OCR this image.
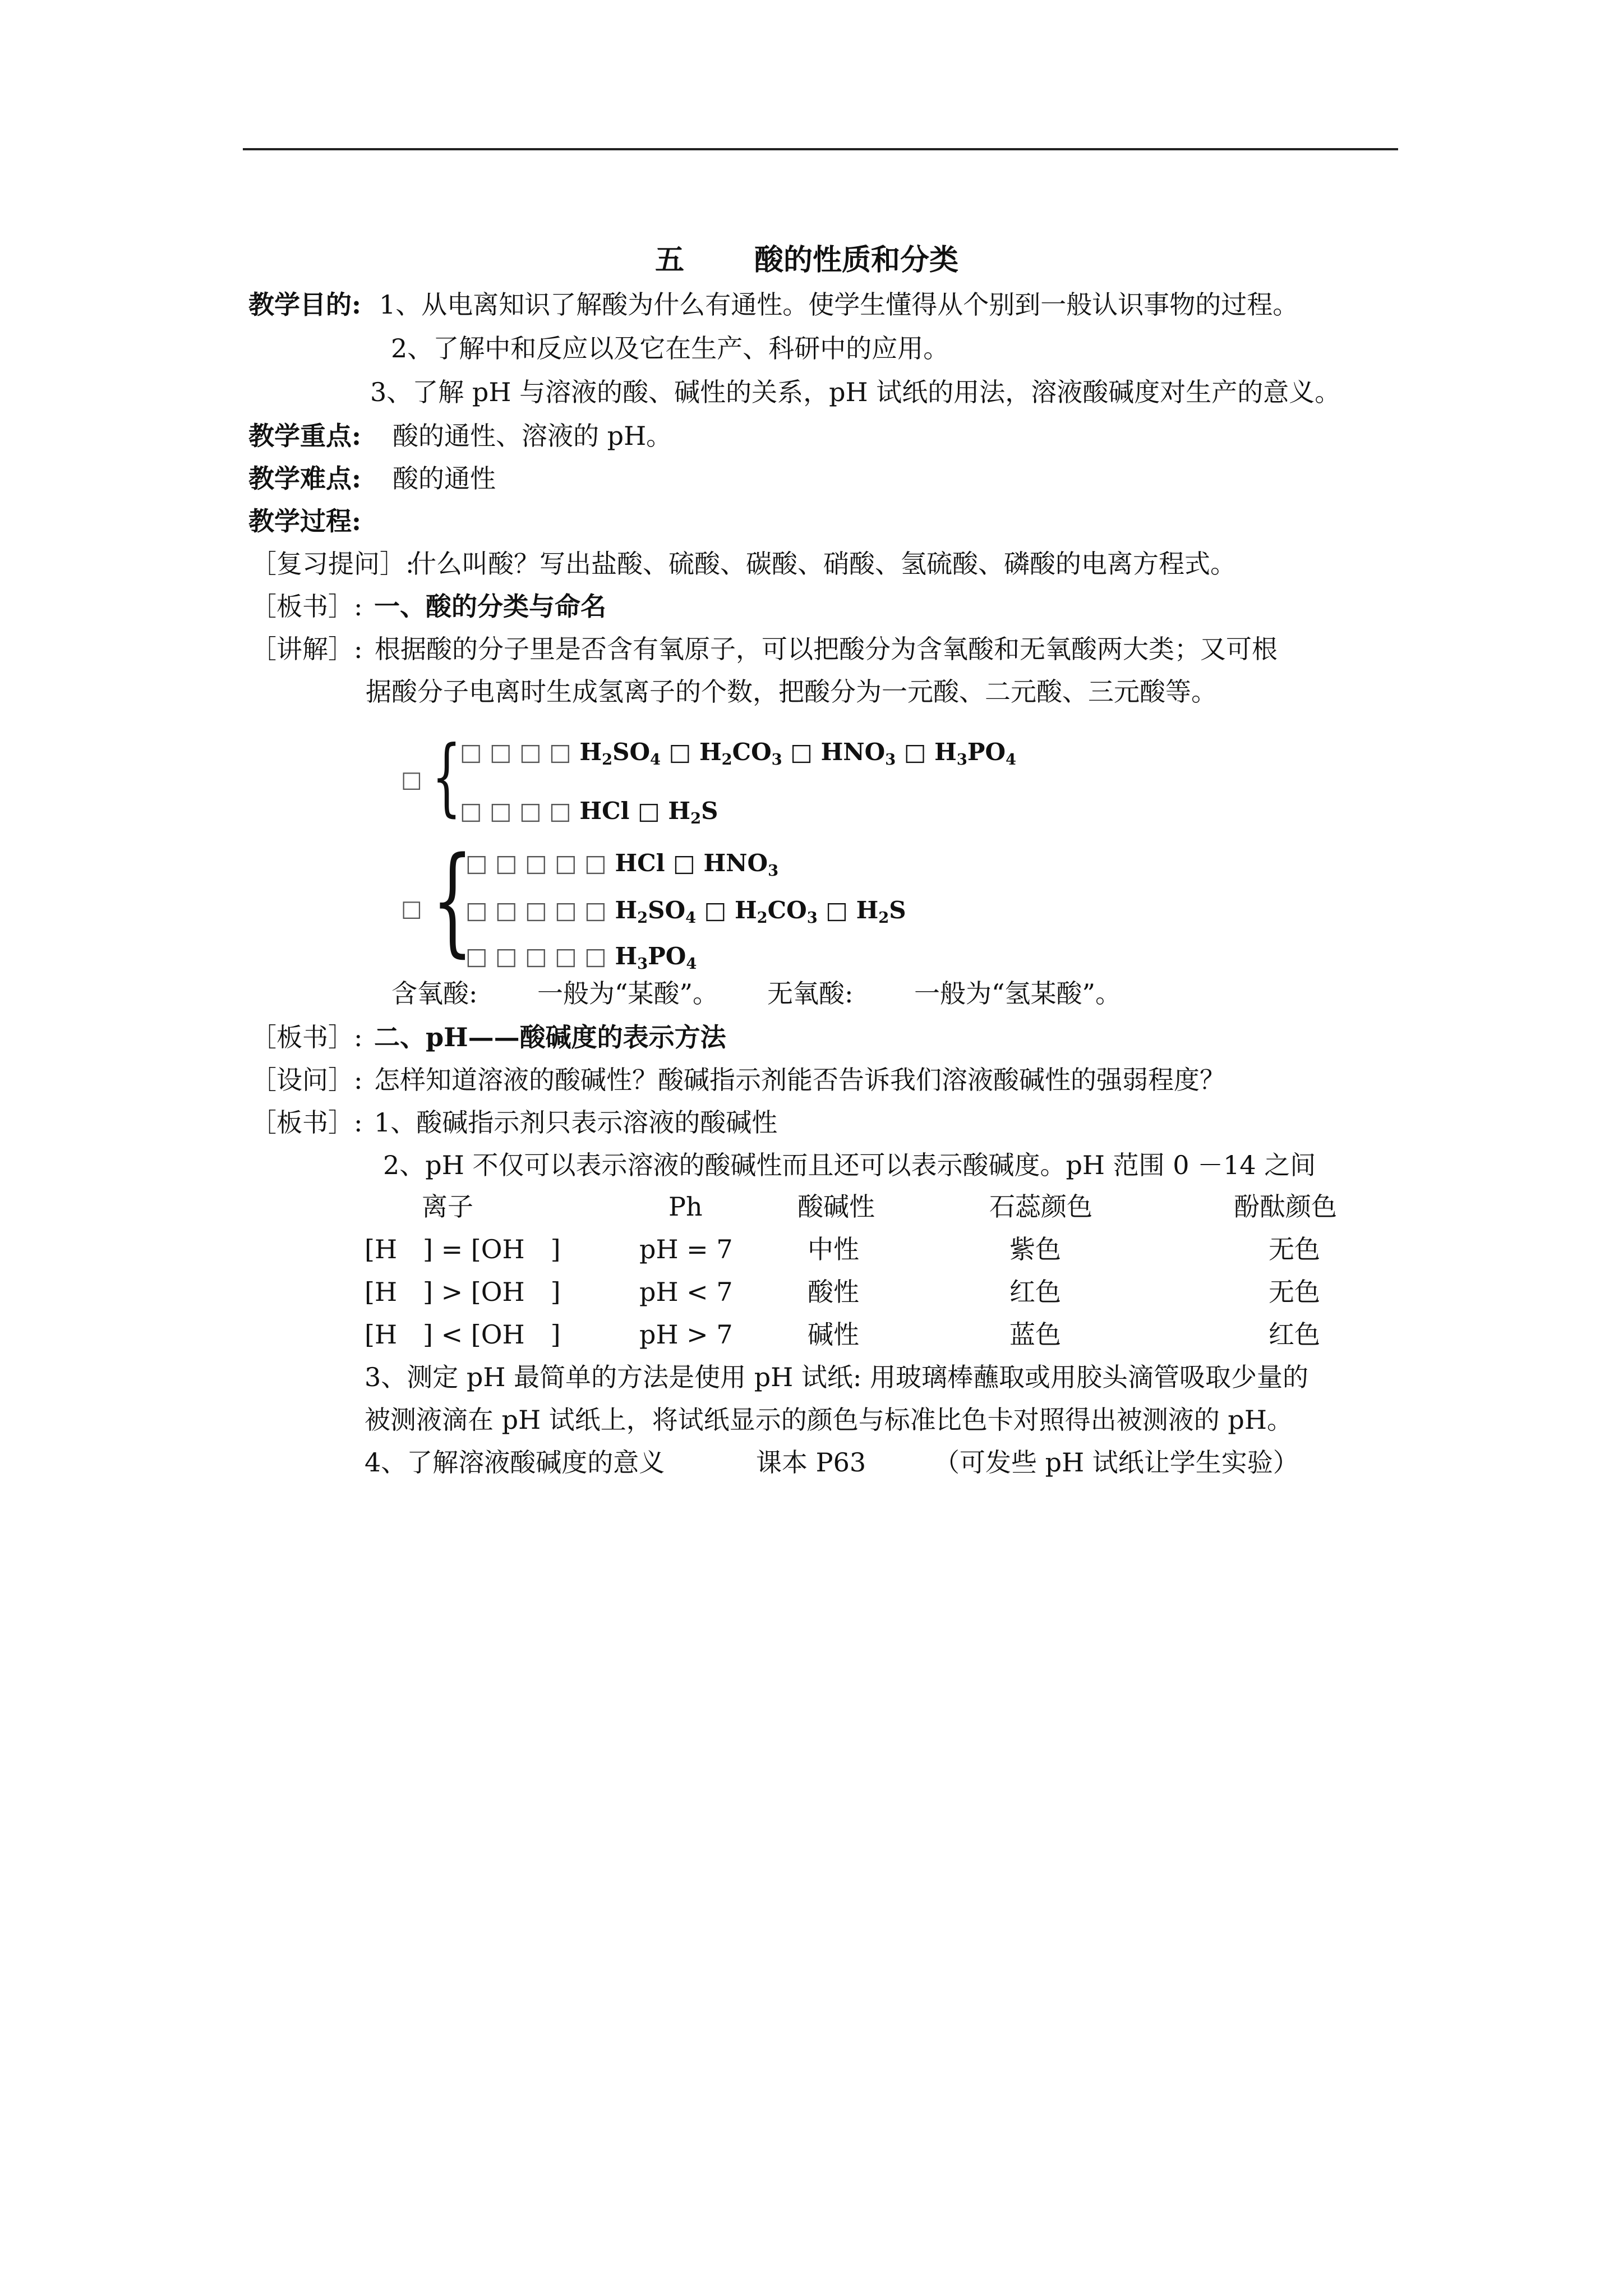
五 酸的性质和分类
教学目的: 1、从电离知识了解酸为什么有通性。使学生懂得从个别到一般认识事物的过程。
2、了解中和反应以及它在生产、科研中的应用。
3、了解 pH 与溶液的酸、碱性的关系，pH 试纸的用法，溶液酸碱度对生产的意义。
教学重点: 酸的通性、溶液的 pH。
教学难点: 酸的通性
教学过程:
［复习提问］:
什么叫酸？写出盐酸、硫酸、碳酸、硝酸、氢硫酸、磷酸的电离方程式。
［板书］: 一、酸的分类与命名
［讲解］: 根据酸的分子里是否含有氧原子，可以把酸分为含氧酸和无氧酸两大类；又可根
据酸分子电离时生成氢离子的个数，把酸分为一元酸、二元酸、三元酸等。
□ {
□ □ □ □ $H_2SO_4$ □ $H_2CO_3$ □ $HNO_3$ □ $H_3PO_4$
□ □ □ □ HCl □ $H_2S$
□ {
□ □ □ □ □ HCl □ $HNO_3$
□ □ □ □ □ $H_2SO_4$ □ $H_2CO_3$ □ $H_2S$
□ □ □ □ □ $H_3PO_4$
含氧酸: 一般为“某酸”。 无氧酸: 一般为“氢某酸”。
［板书］: 二、pH——酸碱度的表示方法
［设问］: 怎样知道溶液的酸碱性？酸碱指示剂能否告诉我们溶液酸碱性的强弱程度？
［板书］: 1、酸碱指示剂只表示溶液的酸碱性
2、pH 不仅可以表示溶液的酸碱性而且还可以表示酸碱度。pH 范围 0 －14 之间
离子	Ph	酸碱性	石蕊颜色	酚酞颜色
[H　] = [OH　]	pH = 7	中性	紫色	无色
[H　] > [OH　]	pH < 7	酸性	红色	无色
[H　] < [OH　]	pH > 7	碱性	蓝色	红色
3、测定 pH 最简单的方法是使用 pH 试纸: 用玻璃棒蘸取或用胶头滴管吸取少量的
被测液滴在 pH 试纸上，将试纸显示的颜色与标准比色卡对照得出被测液的 pH。
4、了解溶液酸碱度的意义	课本 P63	（可发些 pH 试纸让学生实验）
